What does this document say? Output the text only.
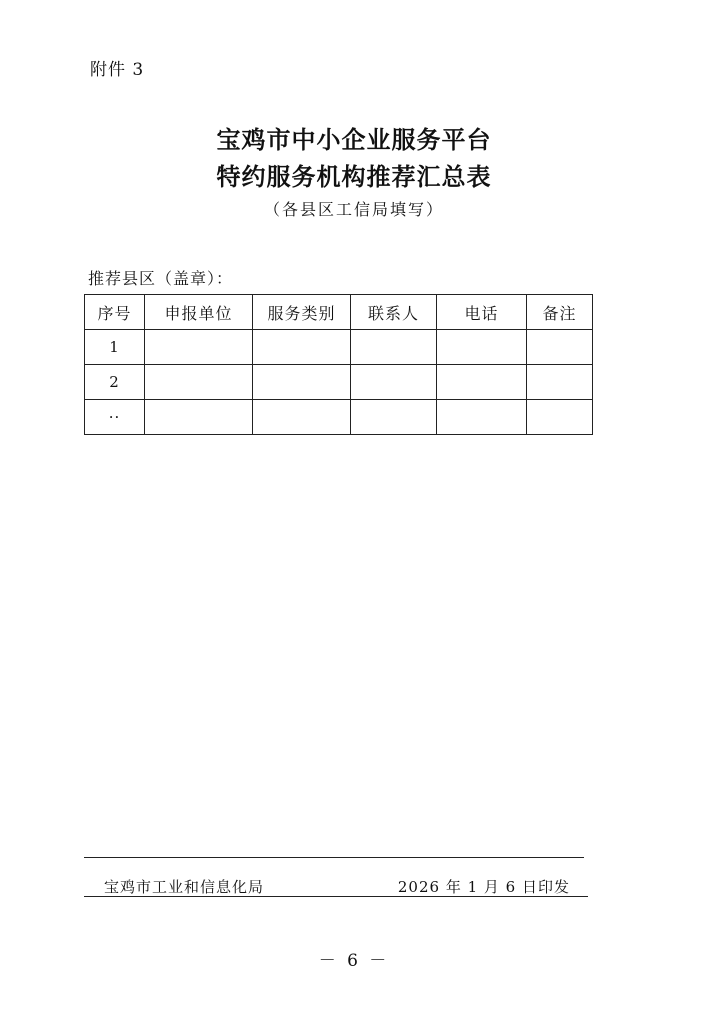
附件 3
宝鸡市中小企业服务平台
特约服务机构推荐汇总表
（各县区工信局填写）
推荐县区（盖章）：
序号	申报单位	服务类别	联系人	电话	备注
1					
2					
··					
宝鸡市工业和信息化局	2026 年 1 月 6 日印发
－ 6 －
